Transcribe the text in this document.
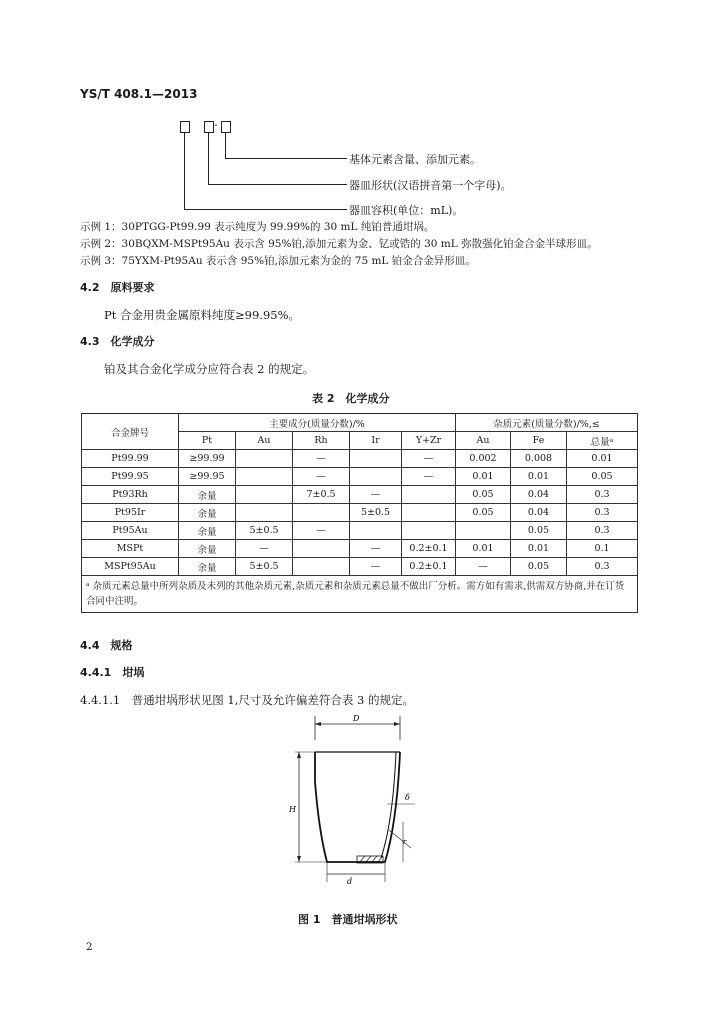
YS/T 408.1—2013
-
基体元素含量、添加元素。
器皿形状(汉语拼音第一个字母)。
器皿容积(单位：mL)。
示例 1：30PTGG-Pt99.99 表示纯度为 99.99%的 30 mL 纯铂普通坩埚。
示例 2：30BQXM-MSPt95Au 表示含 95%铂,添加元素为金、钇或锆的 30 mL 弥散强化铂金合金半球形皿。
示例 3：75YXM-Pt95Au 表示含 95%铂,添加元素为金的 75 mL 铂金合金异形皿。
4.2　原料要求
Pt 合金用贵金属原料纯度≥99.95%。
4.3　化学成分
铂及其合金化学成分应符合表 2 的规定。
表 2　化学成分
合金牌号	主要成分(质量分数)/%					杂质元素(质量分数)/%,≤		
	Pt	Au	Rh	Ir	Y+Zr	Au	Fe	总量ᵃ
Pt99.99	≥99.99		—		—	0.002	0.008	0.01
Pt99.95	≥99.95		—		—	0.01	0.01	0.05
Pt93Rh	余量		7±0.5	—		0.05	0.04	0.3
Pt95Ir	余量			5±0.5		0.05	0.04	0.3
Pt95Au	余量	5±0.5	—				0.05	0.3
MSPt	余量	—		—	0.2±0.1	0.01	0.01	0.1
MSPt95Au	余量	5±0.5		—	0.2±0.1	—	0.05	0.3
ᵃ 杂质元素总量中所列杂质及未列的其他杂质元素,杂质元素和杂质元素总量不做出厂分析。需方如有需求,供需双方协商,并在订货合同中注明。								
4.4　规格
4.4.1　坩埚
4.4.1.1　普通坩埚形状见图 1,尺寸及允许偏差符合表 3 的规定。
D
H
δ
r
d
图 1　普通坩埚形状
2
